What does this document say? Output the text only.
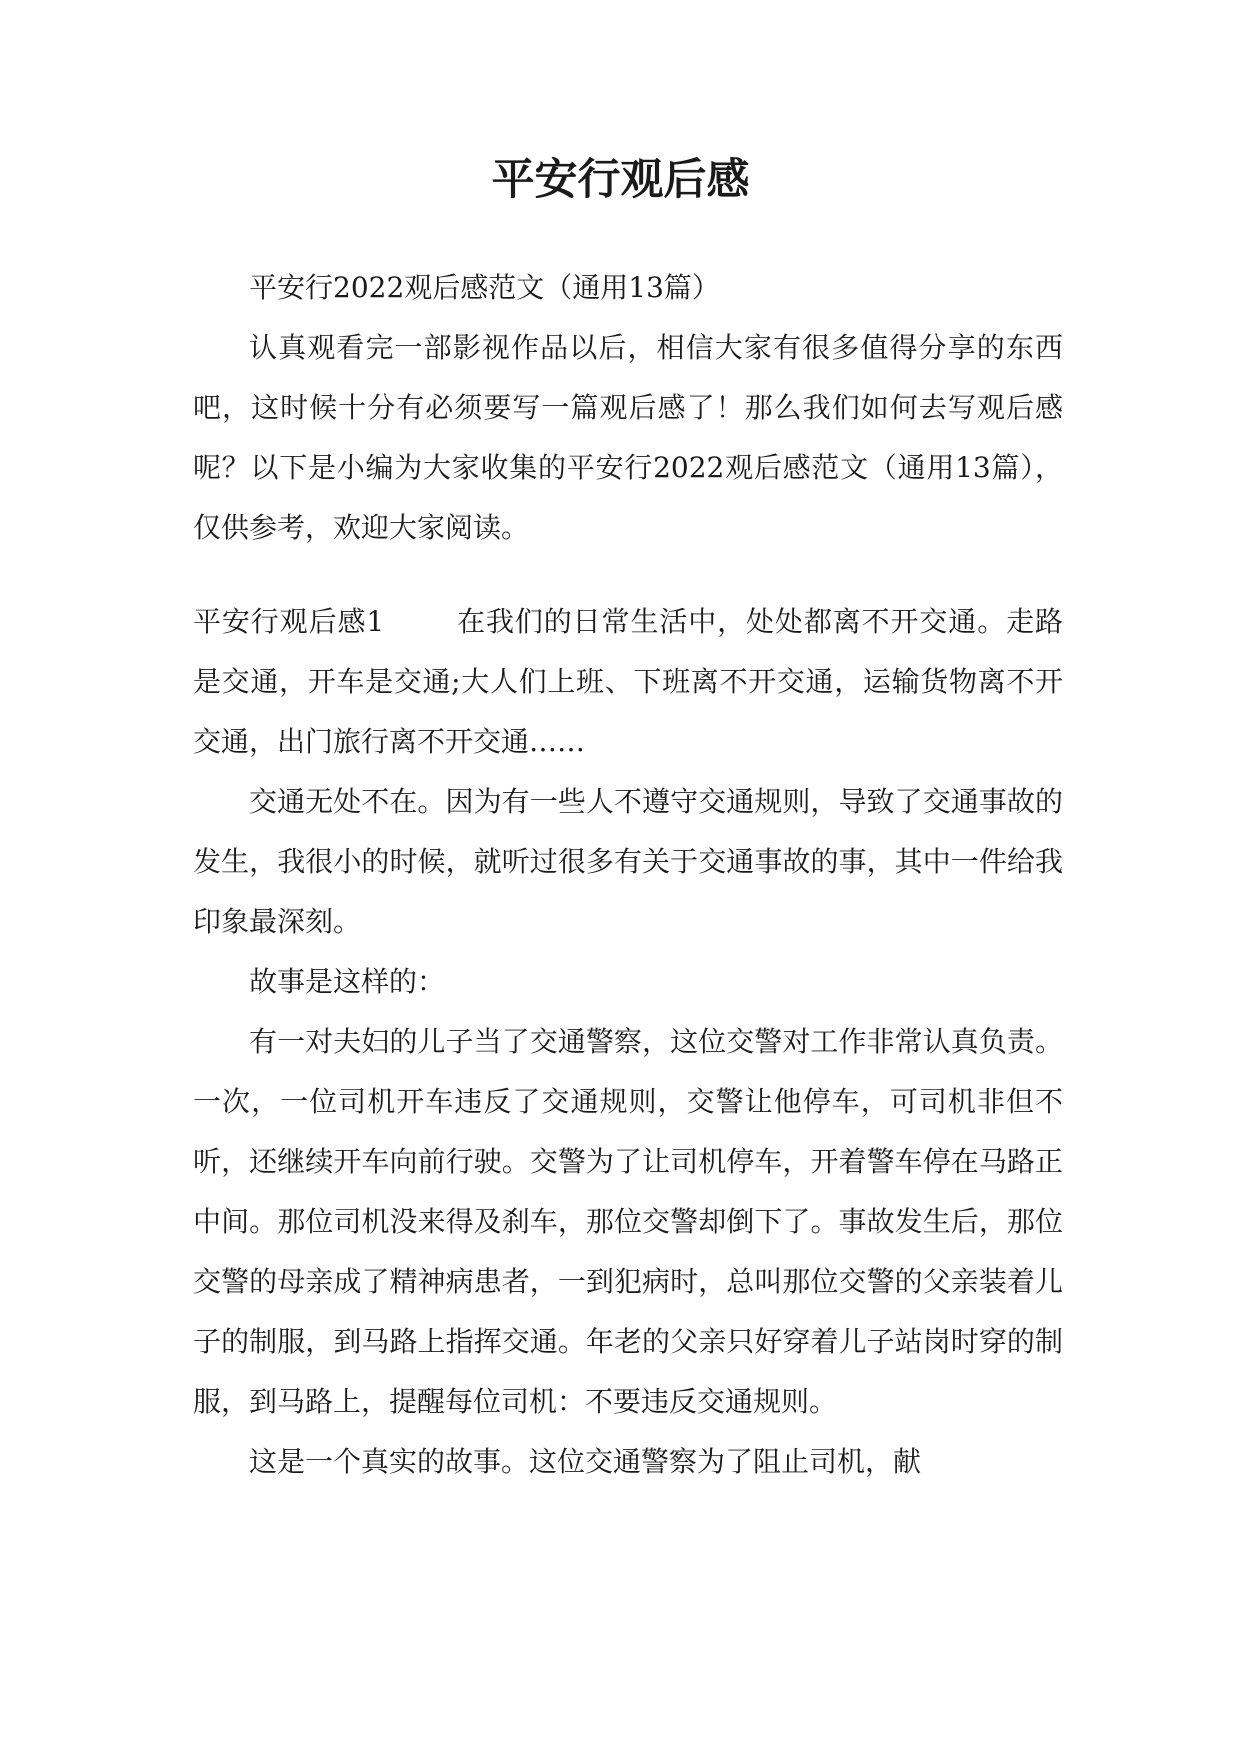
平安行观后感

平安行2022观后感范文（通用13篇）

认真观看完一部影视作品以后，相信大家有很多值得分享的东西吧，这时候十分有必须要写一篇观后感了！那么我们如何去写观后感呢？以下是小编为大家收集的平安行2022观后感范文（通用13篇），仅供参考，欢迎大家阅读。

平安行观后感1	在我们的日常生活中，处处都离不开交通。走路是交通，开车是交通;大人们上班、下班离不开交通，运输货物离不开交通，出门旅行离不开交通……

交通无处不在。因为有一些人不遵守交通规则，导致了交通事故的发生，我很小的时候，就听过很多有关于交通事故的事，其中一件给我印象最深刻。

故事是这样的：

有一对夫妇的儿子当了交通警察，这位交警对工作非常认真负责。一次，一位司机开车违反了交通规则，交警让他停车，可司机非但不听，还继续开车向前行驶。交警为了让司机停车，开着警车停在马路正中间。那位司机没来得及刹车，那位交警却倒下了。事故发生后，那位交警的母亲成了精神病患者，一到犯病时，总叫那位交警的父亲装着儿子的制服，到马路上指挥交通。年老的父亲只好穿着儿子站岗时穿的制服，到马路上，提醒每位司机：不要违反交通规则。

这是一个真实的故事。这位交通警察为了阻止司机，献
